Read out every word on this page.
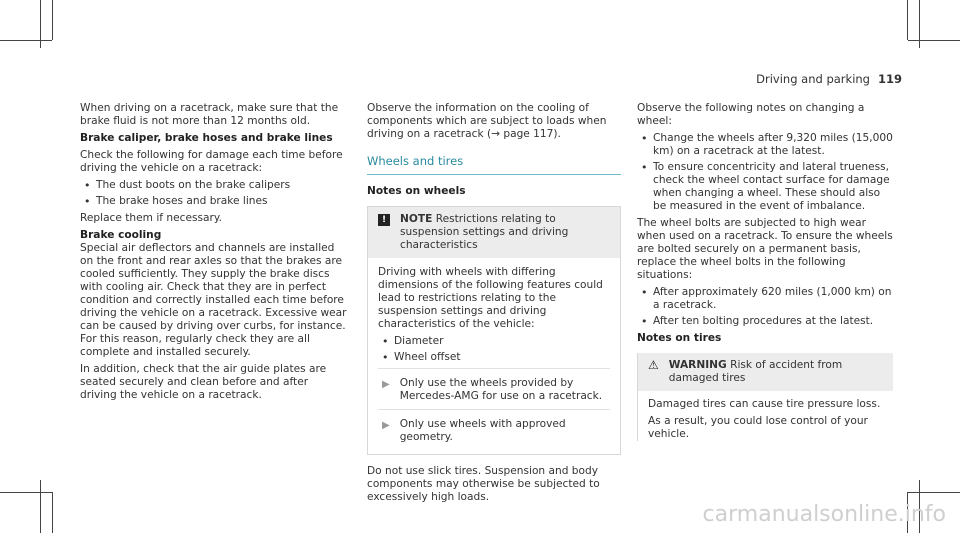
Driving and parking 119

When driving on a racetrack, make sure that the brake fluid is not more than 12 months old.

Brake caliper, brake hoses and brake lines

Check the following for damage each time before driving the vehicle on a racetrack:

• The dust boots on the brake calipers
• The brake hoses and brake lines

Replace them if necessary.

Brake cooling

Special air deflectors and channels are installed on the front and rear axles so that the brakes are cooled sufficiently. They supply the brake discs with cooling air. Check that they are in perfect condition and correctly installed each time before driving the vehicle on a racetrack. Excessive wear can be caused by driving over curbs, for instance. For this reason, regularly check they are all complete and installed securely.

In addition, check that the air guide plates are seated securely and clean before and after driving the vehicle on a racetrack.

Observe the information on the cooling of components which are subject to loads when driving on a racetrack (→ page 117).

Wheels and tires

Notes on wheels

!	NOTE Restrictions relating to suspension settings and driving characteristics

Driving with wheels with differing dimensions of the following features could lead to restrictions relating to the suspension settings and driving characteristics of the vehicle:

• Diameter
• Wheel offset
▶ Only use the wheels provided by Mercedes-AMG for use on a racetrack.
▶ Only use wheels with approved geometry.

Do not use slick tires. Suspension and body components may otherwise be subjected to excessively high loads.

Observe the following notes on changing a wheel:

• Change the wheels after 9,320 miles (15,000 km) on a racetrack at the latest.
• To ensure concentricity and lateral trueness, check the wheel contact surface for damage when changing a wheel. These should also be measured in the event of imbalance.

The wheel bolts are subjected to high wear when used on a racetrack. To ensure the wheels are bolted securely on a permanent basis, replace the wheel bolts in the following situations:

• After approximately 620 miles (1,000 km) on a racetrack.
• After ten bolting procedures at the latest.

Notes on tires

⚠ WARNING Risk of accident from damaged tires

Damaged tires can cause tire pressure loss.

As a result, you could lose control of your vehicle.

carmanualsonline.info
